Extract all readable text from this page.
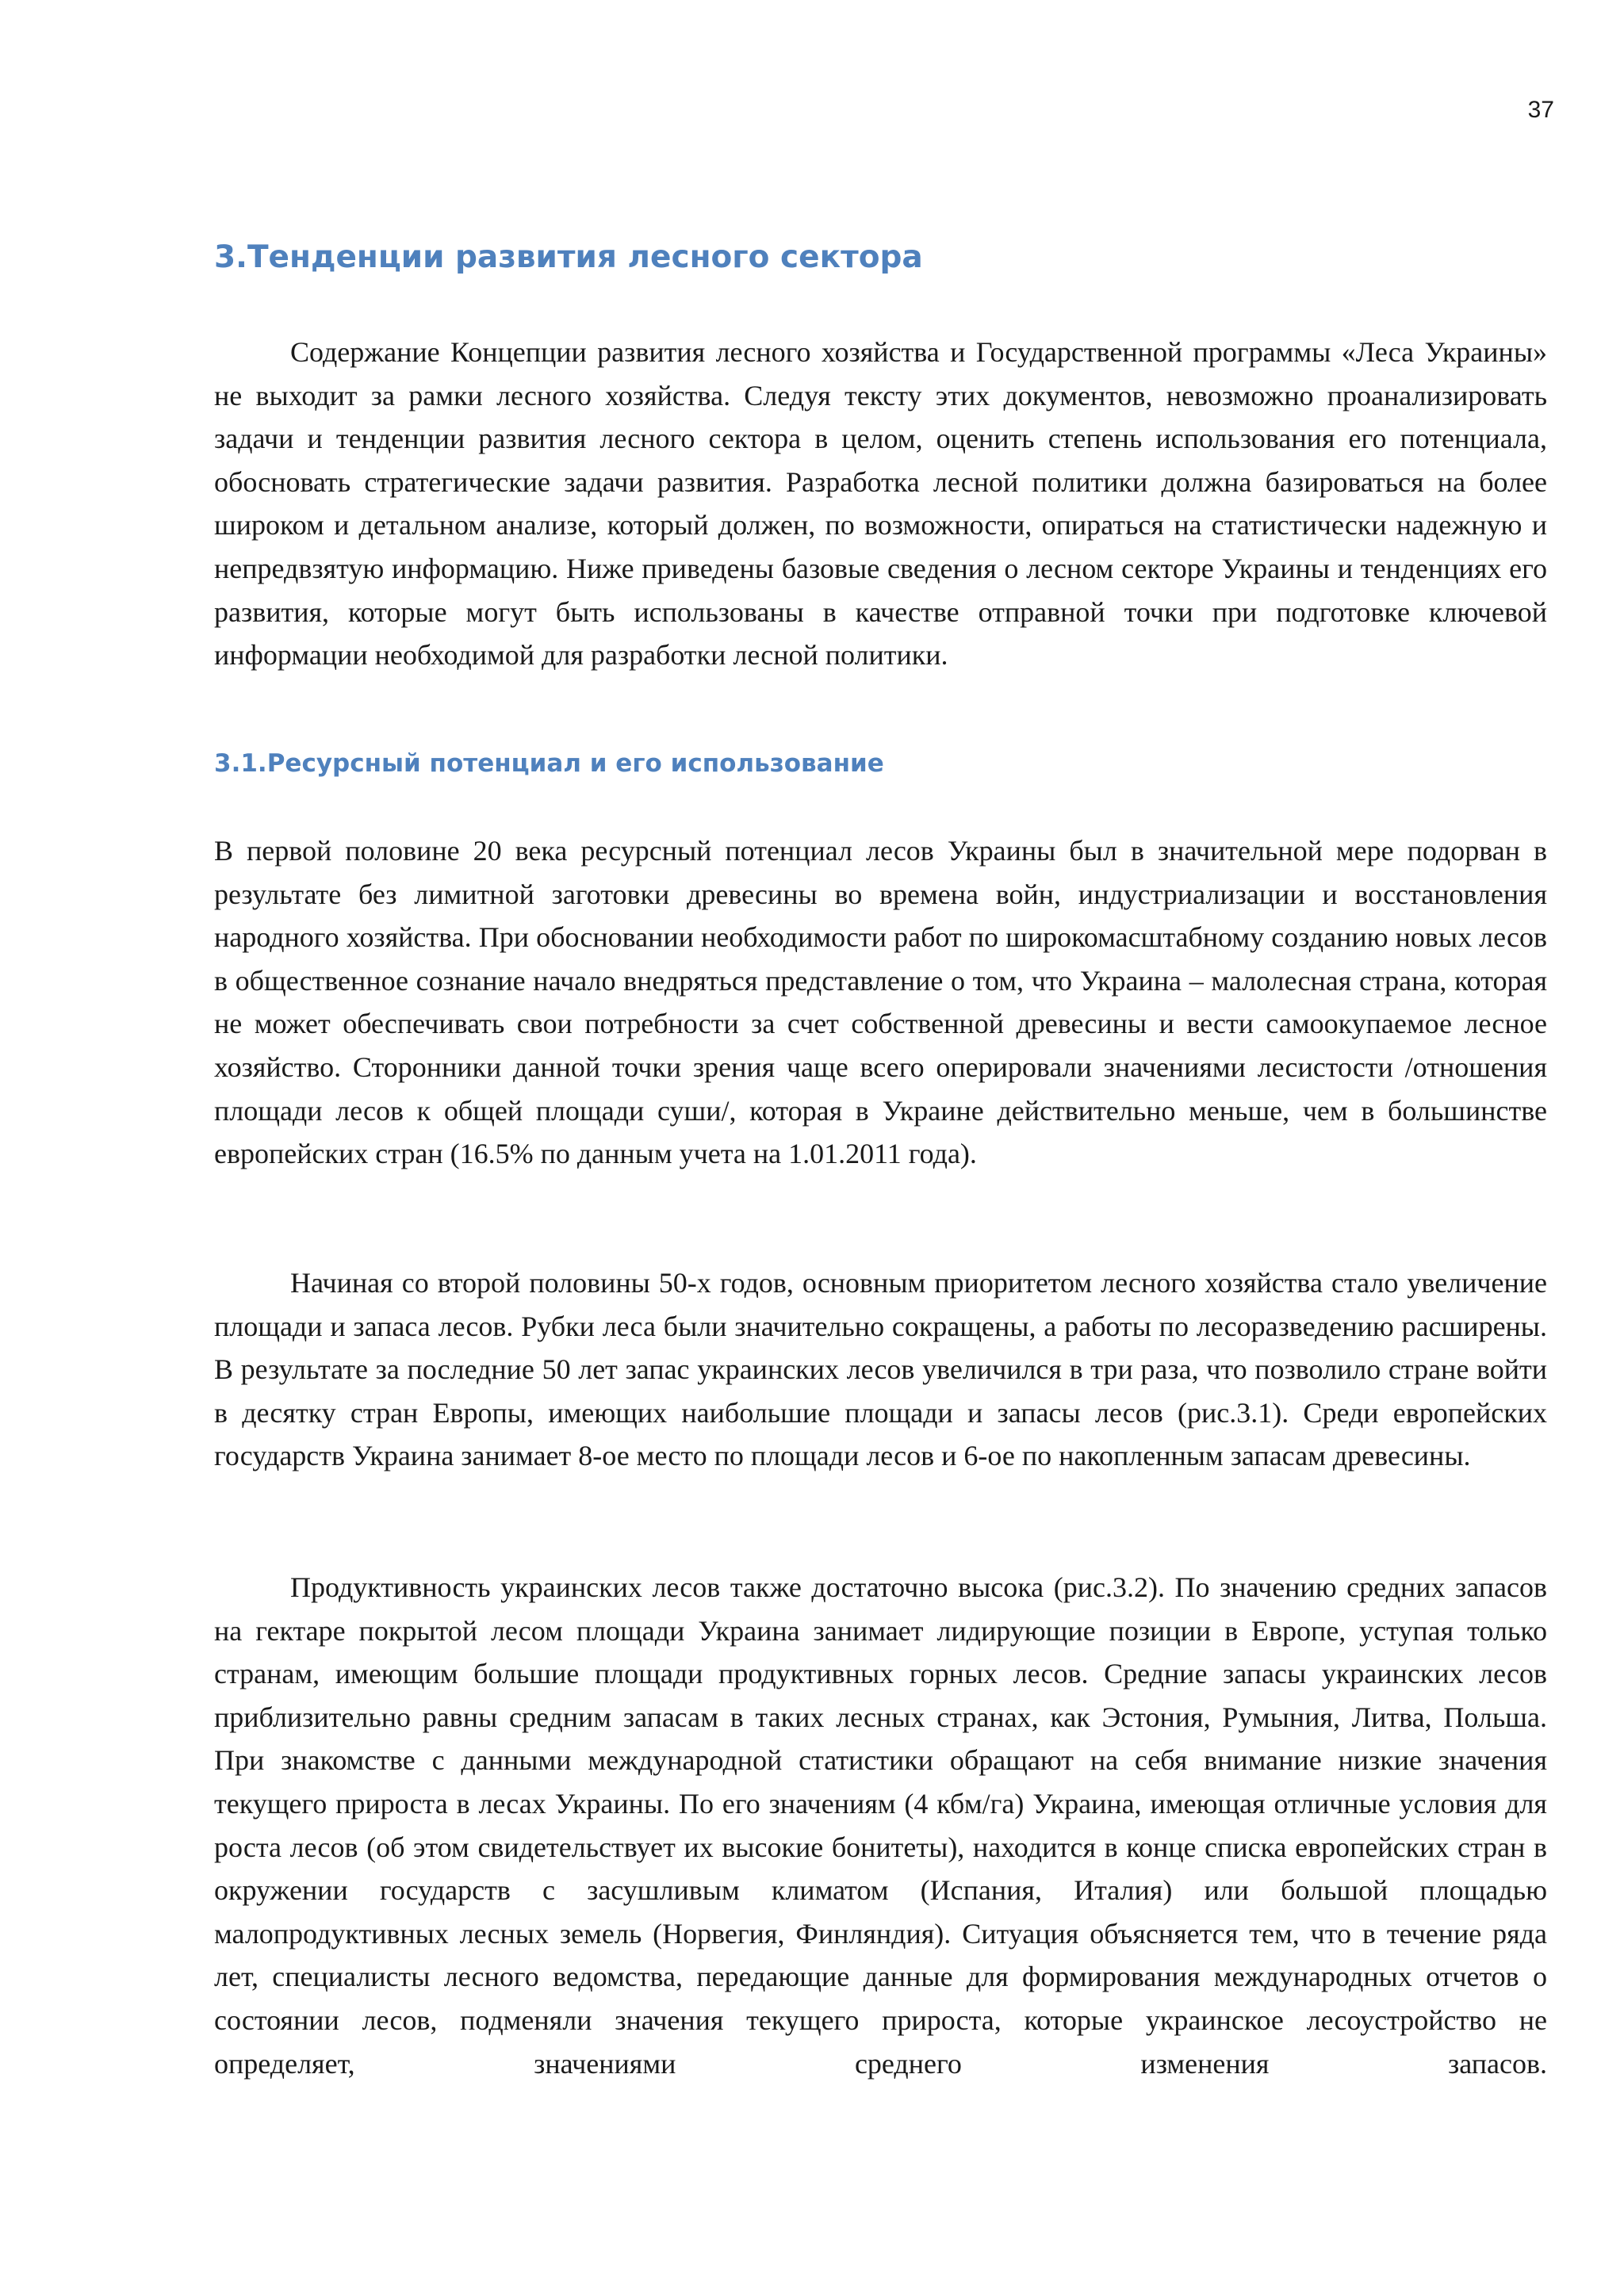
37
3.Тенденции развития лесного сектора

Содержание Концепции развития лесного хозяйства и Государственной программы «Леса Украины» не выходит за рамки лесного хозяйства. Следуя тексту этих документов, невозможно проанализировать задачи и тенденции развития лесного сектора в целом, оценить степень использования его потенциала, обосновать стратегические задачи развития. Разработка лесной политики должна базироваться на более широком и детальном анализе, который должен, по возможности, опираться на статистически надежную и непредвзятую информацию. Ниже приведены базовые сведения о лесном секторе Украины и тенденциях его развития, которые могут быть использованы в качестве отправной точки при подготовке ключевой информации необходимой для разработки лесной политики.

3.1.Ресурсный потенциал и его использование

В первой половине 20 века ресурсный потенциал лесов Украины был в значительной мере подорван в результате без лимитной заготовки древесины во времена войн, индустриализации и восстановления народного хозяйства. При обосновании необходимости работ по широкомасштабному созданию новых лесов в общественное сознание начало внедряться представление о том, что Украина – малолесная страна, которая не может обеспечивать свои потребности за счет собственной древесины и вести самоокупаемое лесное хозяйство. Сторонники данной точки зрения чаще всего оперировали значениями лесистости /отношения площади лесов к общей площади суши/, которая в Украине действительно меньше, чем в большинстве европейских стран (16.5% по данным учета на 1.01.2011 года).

Начиная со второй половины 50-х годов, основным приоритетом лесного хозяйства стало увеличение площади и запаса лесов. Рубки леса были значительно сокращены, а работы по лесоразведению расширены. В результате за последние 50 лет запас украинских лесов увеличился в три раза, что позволило стране войти в десятку стран Европы, имеющих наибольшие площади и запасы лесов (рис.3.1). Среди европейских государств Украина занимает 8-ое место по площади лесов и 6-ое по накопленным запасам древесины.

Продуктивность украинских лесов также достаточно высока (рис.3.2). По значению средних запасов на гектаре покрытой лесом площади Украина занимает лидирующие позиции в Европе, уступая только странам, имеющим большие площади продуктивных горных лесов. Средние запасы украинских лесов приблизительно равны средним запасам в таких лесных странах, как Эстония, Румыния, Литва, Польша. При знакомстве с данными международной статистики обращают на себя внимание низкие значения текущего прироста в лесах Украины. По его значениям (4 кбм/га) Украина, имеющая отличные условия для роста лесов (об этом свидетельствует их высокие бонитеты), находится в конце списка европейских стран в окружении государств с засушливым климатом (Испания, Италия) или большой площадью малопродуктивных лесных земель (Норвегия, Финляндия). Ситуация объясняется тем, что в течение ряда лет, специалисты лесного ведомства, передающие данные для формирования международных отчетов о состоянии лесов, подменяли значения текущего прироста, которые украинское лесоустройство не определяет, значениями среднего изменения запасов.
